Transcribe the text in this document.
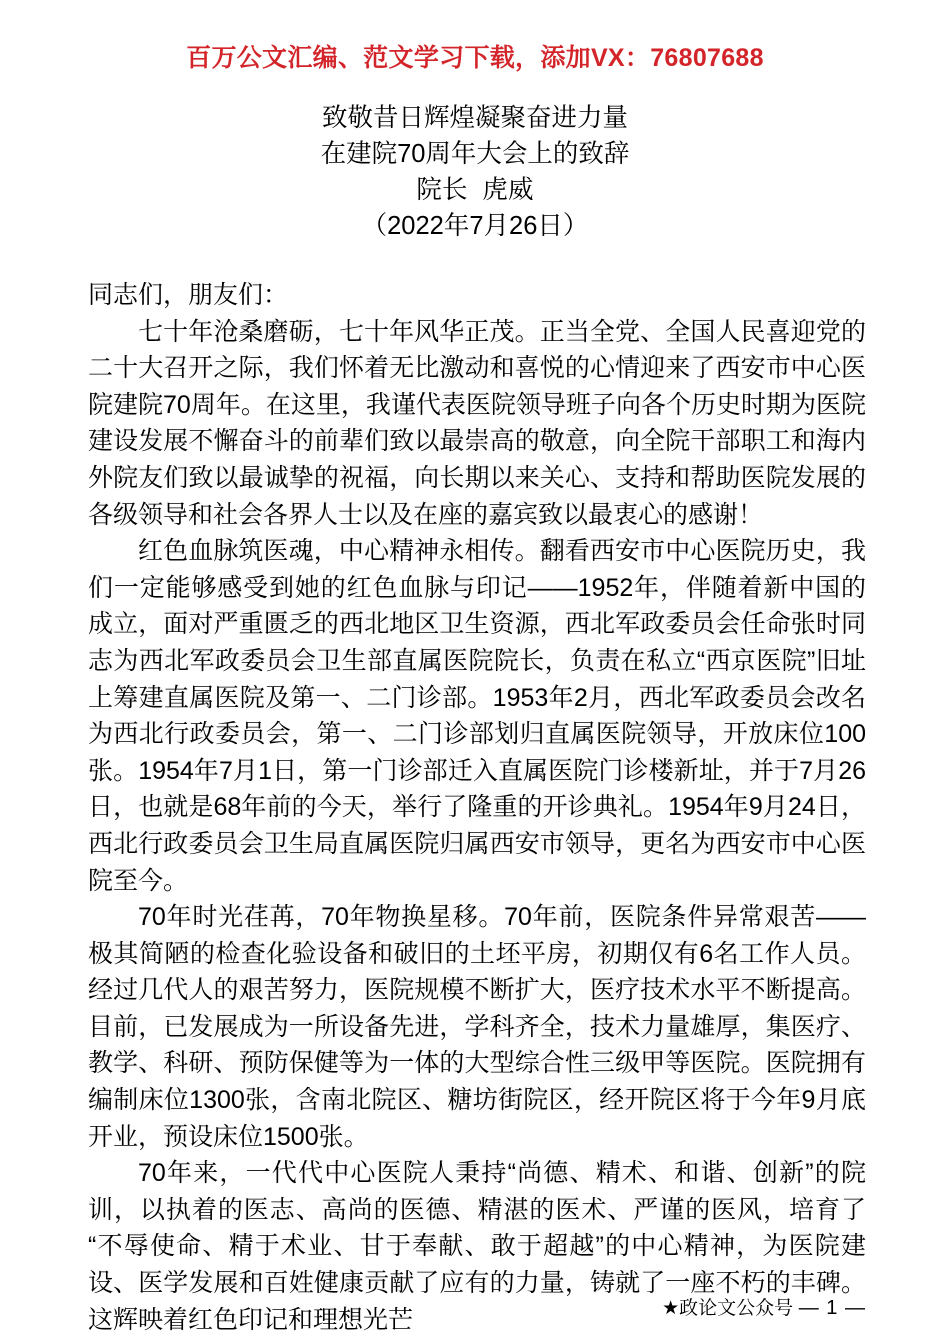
百万公文汇编、范文学习下载，添加VX：76807688
致敬昔日辉煌凝聚奋进力量
在建院70周年大会上的致辞
院长  虎威
（2022年7月26日）

同志们，朋友们：

七十年沧桑磨砺，七十年风华正茂。正当全党、全国人民喜迎党的二十大召开之际，我们怀着无比激动和喜悦的心情迎来了西安市中心医院建院70周年。在这里，我谨代表医院领导班子向各个历史时期为医院建设发展不懈奋斗的前辈们致以最崇高的敬意，向全院干部职工和海内外院友们致以最诚挚的祝福，向长期以来关心、支持和帮助医院发展的各级领导和社会各界人士以及在座的嘉宾致以最衷心的感谢！

红色血脉筑医魂，中心精神永相传。翻看西安市中心医院历史，我们一定能够感受到她的红色血脉与印记——1952年，伴随着新中国的成立，面对严重匮乏的西北地区卫生资源，西北军政委员会任命张时同志为西北军政委员会卫生部直属医院院长，负责在私立“西京医院”旧址上筹建直属医院及第一、二门诊部。1953年2月，西北军政委员会改名为西北行政委员会，第一、二门诊部划归直属医院领导，开放床位100张。1954年7月1日，第一门诊部迁入直属医院门诊楼新址，并于7月26日，也就是68年前的今天，举行了隆重的开诊典礼。1954年9月24日，西北行政委员会卫生局直属医院归属西安市领导，更名为西安市中心医院至今。

70年时光荏苒，70年物换星移。70年前，医院条件异常艰苦——极其简陋的检查化验设备和破旧的土坯平房，初期仅有6名工作人员。经过几代人的艰苦努力，医院规模不断扩大，医疗技术水平不断提高。目前，已发展成为一所设备先进，学科齐全，技术力量雄厚，集医疗、教学、科研、预防保健等为一体的大型综合性三级甲等医院。医院拥有编制床位1300张，含南北院区、糖坊街院区，经开院区将于今年9月底开业，预设床位1500张。

70年来，一代代中心医院人秉持“尚德、精术、和谐、创新”的院训，以执着的医志、高尚的医德、精湛的医术、严谨的医风，培育了“不辱使命、精于术业、甘于奉献、敢于超越”的中心精神，为医院建设、医学发展和百姓健康贡献了应有的力量，铸就了一座不朽的丰碑。这辉映着红色印记和理想光芒	★政论文公众号 — 1 —
